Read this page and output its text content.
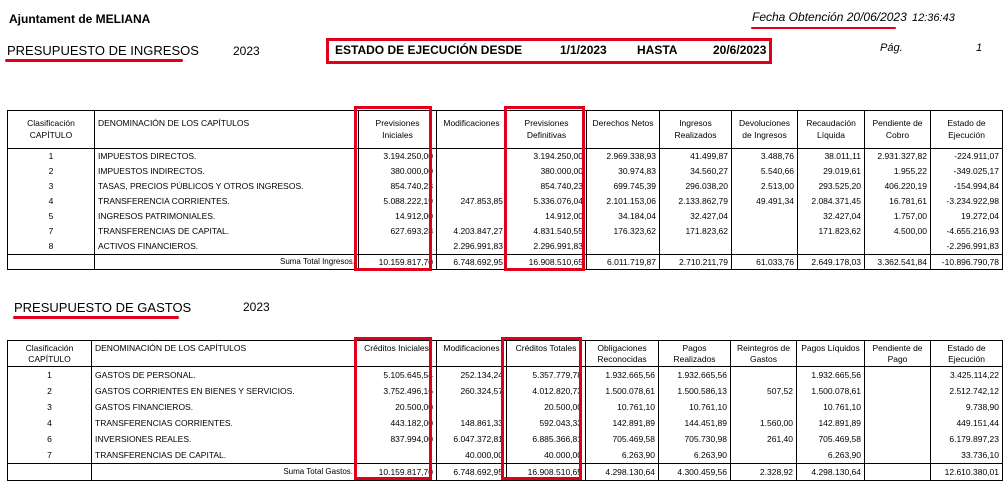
Ajuntament de MELIANA	Fecha Obtención 20/06/2023 12:36:43
PRESUPUESTO DE INGRESOS	2023	ESTADO DE EJECUCIÓN DESDE	1/1/2023	HASTA	20/6/2023	Pág.	1
Clasificación CAPÍTULO	DENOMINACIÓN DE LOS CAPÍTULOS	Previsiones Iniciales	Modificaciones	Previsiones Definitivas	Derechos Netos	Ingresos Realizados	Devoluciones de Ingresos	Recaudación Líquida	Pendiente de Cobro	Estado de Ejecución
1	IMPUESTOS DIRECTOS.	3.194.250,00		3.194.250,00	2.969.338,93	41.499,87	3.488,76	38.011,11	2.931.327,82	-224.911,07
2	IMPUESTOS INDIRECTOS.	380.000,00		380.000,00	30.974,83	34.560,27	5.540,66	29.019,61	1.955,22	-349.025,17
3	TASAS, PRECIOS PÚBLICOS Y OTROS INGRESOS.	854.740,23		854.740,23	699.745,39	296.038,20	2.513,00	293.525,20	406.220,19	-154.994,84
4	TRANSFERENCIA CORRIENTES.	5.088.222,19	247.853,85	5.336.076,04	2.101.153,06	2.133.862,79	49.491,34	2.084.371,45	16.781,61	-3.234.922,98
5	INGRESOS PATRIMONIALES.	14.912,00		14.912,00	34.184,04	32.427,04		32.427,04	1.757,00	19.272,04
7	TRANSFERENCIAS DE CAPITAL.	627.693,28	4.203.847,27	4.831.540,55	176.323,62	171.823,62		171.823,62	4.500,00	-4.655.216,93
8	ACTIVOS FINANCIEROS.		2.296.991,83	2.296.991,83						-2.296.991,83
	Suma Total Ingresos.	10.159.817,70	6.748.692,95	16.908.510,65	6.011.719,87	2.710.211,79	61.033,76	2.649.178,03	3.362.541,84	-10.896.790,78
PRESUPUESTO DE GASTOS	2023
Clasificación CAPÍTULO	DENOMINACIÓN DE LOS CAPÍTULOS	Créditos Iniciales	Modificaciones	Créditos Totales	Obligaciones Reconocidas	Pagos Realizados	Reintegros de Gastos	Pagos Líquidos	Pendiente de Pago	Estado de Ejecución
1	GASTOS DE PERSONAL.	5.105.645,54	252.134,24	5.357.779,78	1.932.665,56	1.932.665,56		1.932.665,56		3.425.114,22
2	GASTOS CORRIENTES EN BIENES Y SERVICIOS.	3.752.496,16	260.324,57	4.012.820,73	1.500.078,61	1.500.586,13	507,52	1.500.078,61		2.512.742,12
3	GASTOS FINANCIEROS.	20.500,00		20.500,00	10.761,10	10.761,10		10.761,10		9.738,90
4	TRANSFERENCIAS CORRIENTES.	443.182,00	148.861,33	592.043,33	142.891,89	144.451,89	1.560,00	142.891,89		449.151,44
6	INVERSIONES REALES.	837.994,00	6.047.372,81	6.885.366,81	705.469,58	705.730,98	261,40	705.469,58		6.179.897,23
7	TRANSFERENCIAS DE CAPITAL.		40.000,00	40.000,00	6.263,90	6.263,90		6.263,90		33.736,10
	Suma Total Gastos.	10.159.817,70	6.748.692,95	16.908.510,65	4.298.130,64	4.300.459,56	2.328,92	4.298.130,64		12.610.380,01
